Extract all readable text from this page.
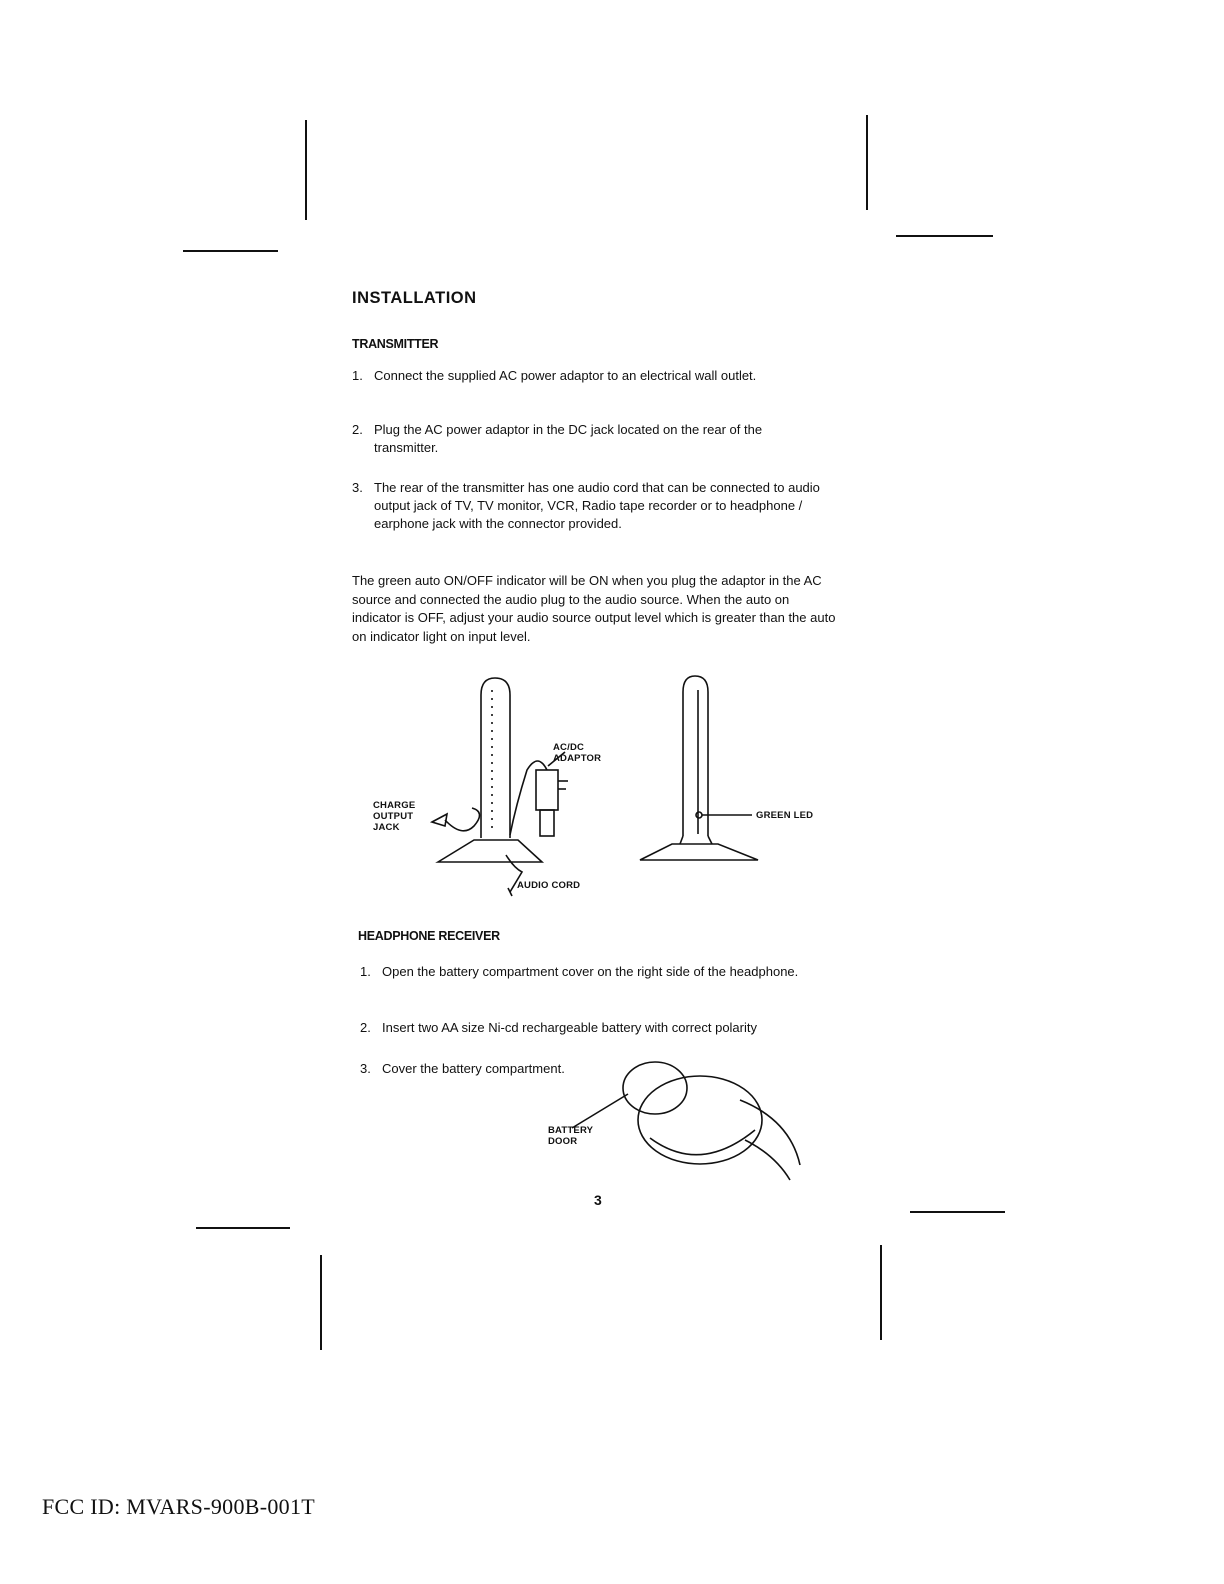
INSTALLATION
TRANSMITTER
1. Connect the supplied AC power adaptor to an electrical wall outlet.
2. Plug the AC power adaptor in the DC jack located on the rear of the transmitter.
3. The rear of the transmitter has one audio cord that can be connected to audio output jack of TV, TV monitor, VCR, Radio tape recorder or to headphone / earphone jack with the connector provided.
The green auto ON/OFF indicator will be ON when you plug the adaptor in the AC source and connected the audio plug to the audio source. When the auto on indicator is OFF, adjust your audio source output level which is greater than the auto on indicator light on input level.
AC/DC
ADAPTOR
CHARGE
OUTPUT
JACK
AUDIO CORD
GREEN LED
HEADPHONE RECEIVER
1. Open the battery compartment cover on the right side of the headphone.
2. Insert two AA size Ni-cd rechargeable battery with correct polarity
3. Cover the battery compartment.
BATTERY
DOOR
3
FCC ID: MVARS-900B-001T
